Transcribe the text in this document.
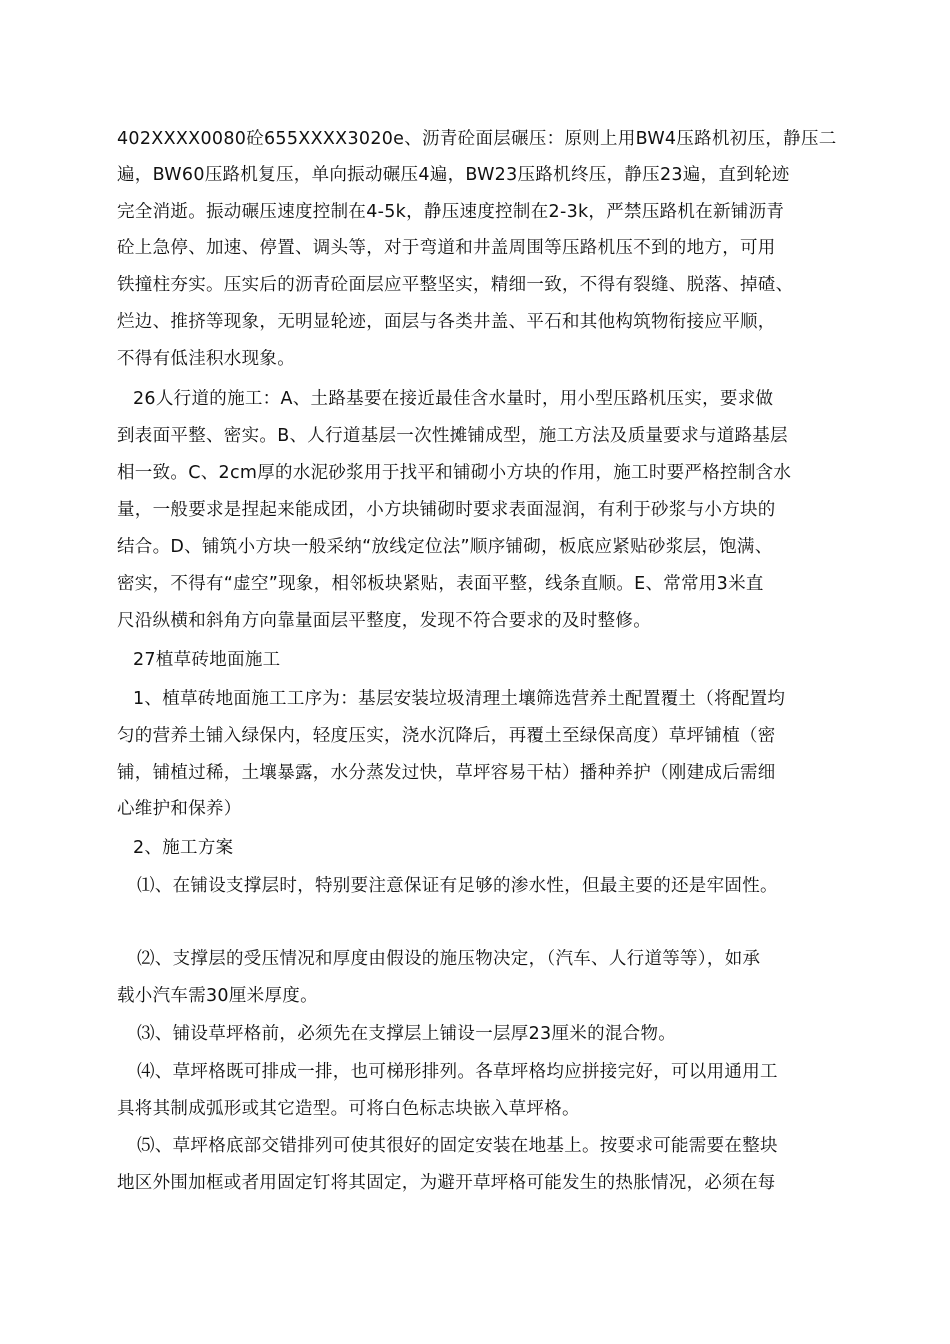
402XXXX0080砼655XXXX3020e、沥青砼面层碾压：原则上用BW4压路机初压，静压二
遍，BW60压路机复压，单向振动碾压4遍，BW23压路机终压，静压23遍，直到轮迹
完全消逝。振动碾压速度控制在4-5k，静压速度控制在2-3k，严禁压路机在新铺沥青
砼上急停、加速、停置、调头等，对于弯道和井盖周围等压路机压不到的地方，可用
铁撞柱夯实。压实后的沥青砼面层应平整坚实，精细一致，不得有裂缝、脱落、掉碴、
烂边、推挤等现象，无明显轮迹，面层与各类井盖、平石和其他构筑物衔接应平顺，
不得有低洼积水现象。
26人行道的施工：A、土路基要在接近最佳含水量时，用小型压路机压实，要求做
到表面平整、密实。B、人行道基层一次性摊铺成型，施工方法及质量要求与道路基层
相一致。C、2cm厚的水泥砂浆用于找平和铺砌小方块的作用，施工时要严格控制含水
量，一般要求是捏起来能成团，小方块铺砌时要求表面湿润，有利于砂浆与小方块的
结合。D、铺筑小方块一般采纳“放线定位法”顺序铺砌，板底应紧贴砂浆层，饱满、
密实，不得有“虚空”现象，相邻板块紧贴，表面平整，线条直顺。E、常常用3米直
尺沿纵横和斜角方向靠量面层平整度，发现不符合要求的及时整修。
27植草砖地面施工
1、植草砖地面施工工序为：基层安装垃圾清理土壤筛选营养土配置覆土（将配置均
匀的营养土铺入绿保内，轻度压实，浇水沉降后，再覆土至绿保高度）草坪铺植（密
铺，铺植过稀，土壤暴露，水分蒸发过快，草坪容易干枯）播种养护（刚建成后需细
心维护和保养）
2、施工方案
⑴、在铺设支撑层时，特别要注意保证有足够的渗水性，但最主要的还是牢固性。
⑵、支撑层的受压情况和厚度由假设的施压物决定，（汽车、人行道等等），如承
载小汽车需30厘米厚度。
⑶、铺设草坪格前，必须先在支撑层上铺设一层厚23厘米的混合物。
⑷、草坪格既可排成一排，也可梯形排列。各草坪格均应拼接完好，可以用通用工
具将其制成弧形或其它造型。可将白色标志块嵌入草坪格。
⑸、草坪格底部交错排列可使其很好的固定安装在地基上。按要求可能需要在整块
地区外围加框或者用固定钉将其固定，为避开草坪格可能发生的热胀情况，必须在每
